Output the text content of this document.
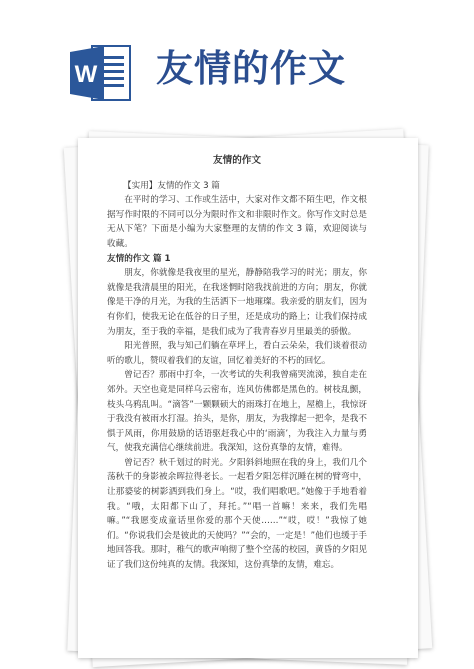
W 友情的作文
友情的作文
【实用】友情的作文 3 篇

在平时的学习、工作或生活中，大家对作文都不陌生吧，作文根据写作时限的不同可以分为限时作文和非限时作文。你写作文时总是无从下笔？下面是小编为大家整理的友情的作文 3 篇，欢迎阅读与收藏。

友情的作文 篇 1

朋友，你就像是我夜里的星光，静静陪我学习的时光；朋友，你就像是我清晨里的阳光，在我迷惘时陪我找前进的方向；朋友，你就像是干净的月光，为我的生活洒下一地璀璨。我亲爱的朋友们，因为有你们，使我无论在低谷的日子里，还是成功的路上；让我们保持成为朋友，至于我的幸福，是我们成为了我青春岁月里最美的骄傲。

阳光普照，我与知己们躺在草坪上，看白云朵朵，我们谈着很动听的歌儿，赞叹着我们的友谊，回忆着美好的不朽的回忆。

曾记否？那雨中打伞，一次考试的失利我曾痛哭流涕，独自走在郊外。天空也竟是同样乌云密布，连风仿佛都是黑色的。树枝乱颤，枝头乌鸦乱叫。“滴答”一颗颗硕大的雨珠打在地上，屋檐上，我惊讶于我没有被雨水打湿。抬头，是你，朋友，为我撑起一把伞，是我不惧于风雨，你用鼓励的话语驱赶我心中的‘雨滴’，为我注入力量与勇气，使我充满信心继续前进。我深知，这份真挚的友情，难得。

曾记否？秋千划过的时光。夕阳斜斜地照在我的身上，我们几个荡秋千的身影被余晖拉得老长。一起看夕阳怎样沉睡在树的臂弯中，让那婆娑的树影洒到我们身上。“哎，我们唱歌吧。”她像于手地看着我。“哦，太阳都下山了，拜托。”“唱一首嘛！来来，我们先唱嘛。”“我愿变成童话里你爱的那个天使……”“哎，哎！”我惊了她们。“你说我们会是彼此的天使吗？”“会的，一定是！”他们也缓于手地回答我。那时，稚气的歌声响彻了整个空荡的校园，黄昏的夕阳见证了我们这份纯真的友情。我深知，这份真挚的友情，难忘。
